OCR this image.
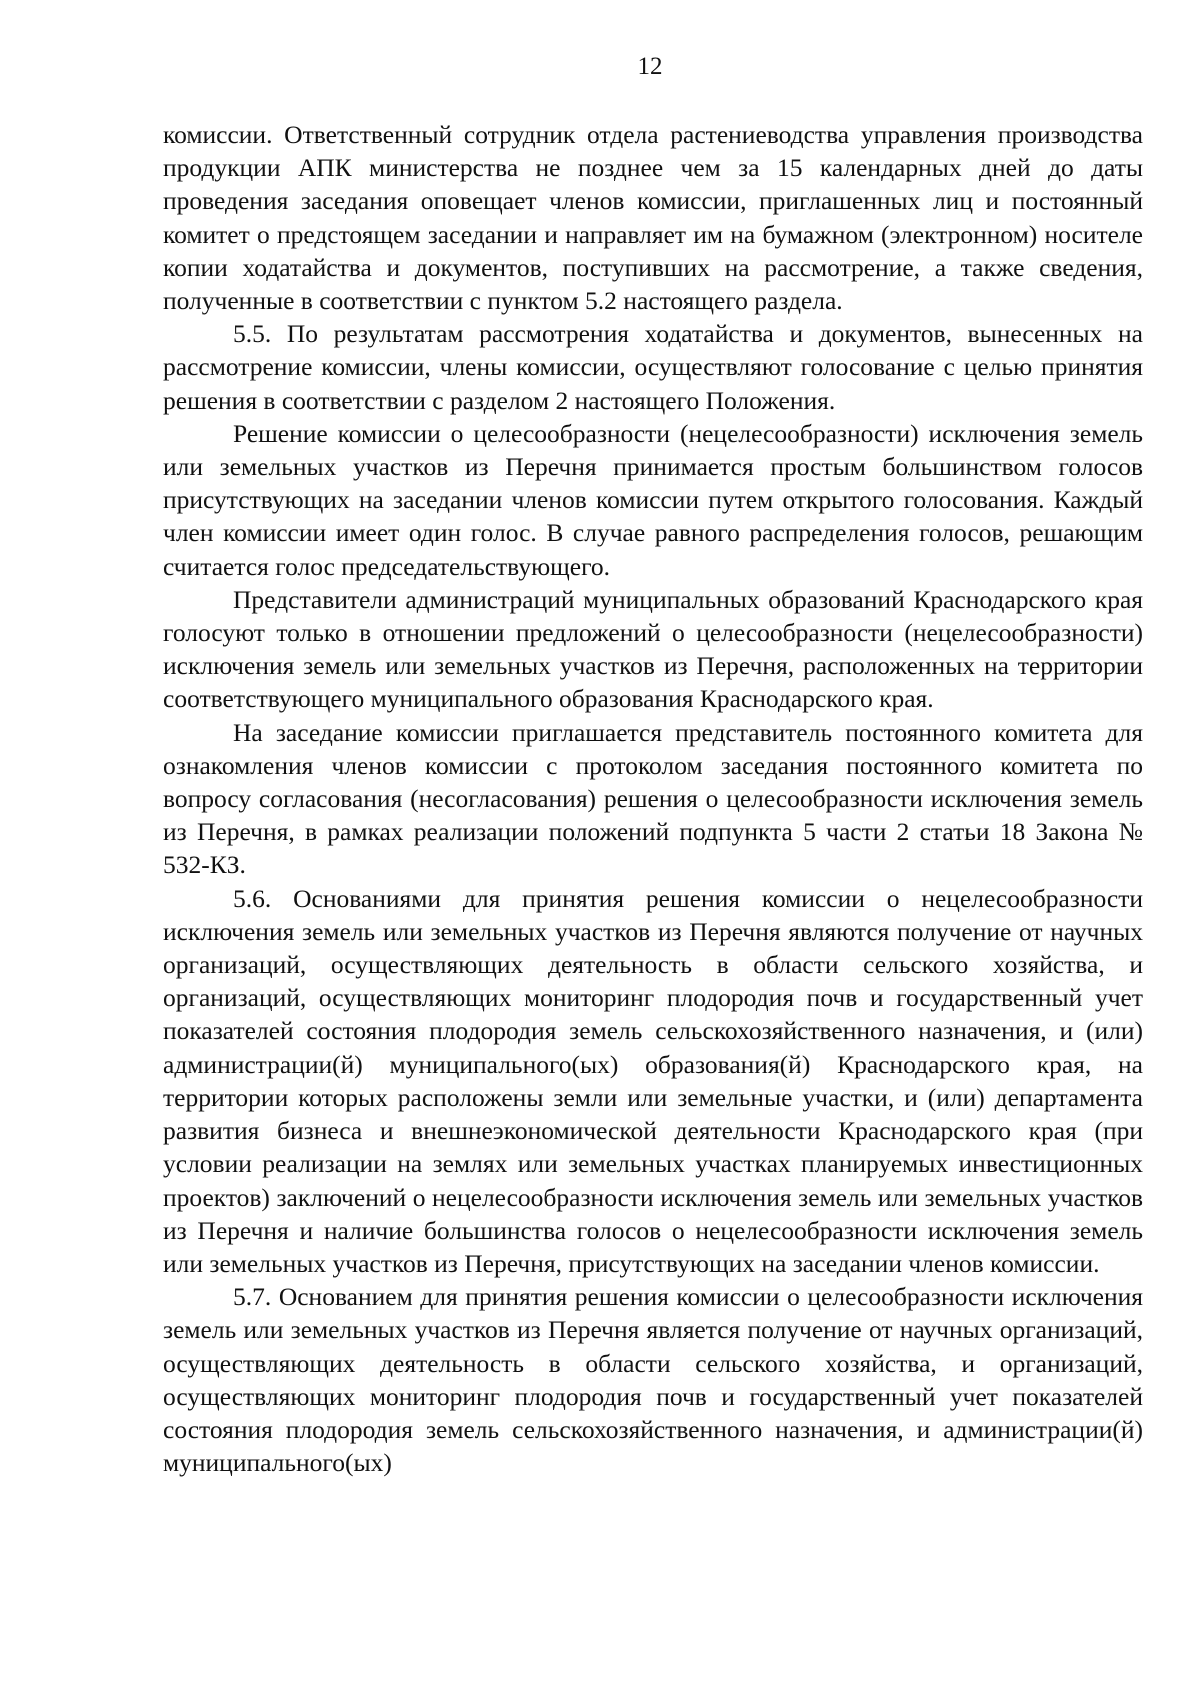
12

комиссии. Ответственный сотрудник отдела растениеводства управления производства продукции АПК министерства не позднее чем за 15 календарных дней до даты проведения заседания оповещает членов комиссии, приглашенных лиц и постоянный комитет о предстоящем заседании и направляет им на бумажном (электронном) носителе копии ходатайства и документов, поступивших на рассмотрение, а также сведения, полученные в соответствии с пунктом 5.2 настоящего раздела.

5.5. По результатам рассмотрения ходатайства и документов, вынесенных на рассмотрение комиссии, члены комиссии, осуществляют голосование с целью принятия решения в соответствии с разделом 2 настоящего Положения.

Решение комиссии о целесообразности (нецелесообразности) исключения земель или земельных участков из Перечня принимается простым большинством голосов присутствующих на заседании членов комиссии путем открытого голосования. Каждый член комиссии имеет один голос. В случае равного распределения голосов, решающим считается голос председательствующего.

Представители администраций муниципальных образований Краснодарского края голосуют только в отношении предложений о целесообразности (нецелесообразности) исключения земель или земельных участков из Перечня, расположенных на территории соответствующего муниципального образования Краснодарского края.

На заседание комиссии приглашается представитель постоянного комитета для ознакомления членов комиссии с протоколом заседания постоянного комитета по вопросу согласования (несогласования) решения о целесообразности исключения земель из Перечня, в рамках реализации положений подпункта 5 части 2 статьи 18 Закона № 532-КЗ.

5.6. Основаниями для принятия решения комиссии о нецелесообразности исключения земель или земельных участков из Перечня являются получение от научных организаций, осуществляющих деятельность в области сельского хозяйства, и организаций, осуществляющих мониторинг плодородия почв и государственный учет показателей состояния плодородия земель сельскохозяйственного назначения, и (или) администрации(й) муниципального(ых) образования(й) Краснодарского края, на территории которых расположены земли или земельные участки, и (или) департамента развития бизнеса и внешнеэкономической деятельности Краснодарского края (при условии реализации на землях или земельных участках планируемых инвестиционных проектов) заключений о нецелесообразности исключения земель или земельных участков из Перечня и наличие большинства голосов о нецелесообразности исключения земель или земельных участков из Перечня, присутствующих на заседании членов комиссии.

5.7. Основанием для принятия решения комиссии о целесообразности исключения земель или земельных участков из Перечня является получение от научных организаций, осуществляющих деятельность в области сельского хозяйства, и организаций, осуществляющих мониторинг плодородия почв и государственный учет показателей состояния плодородия земель сельскохозяйственного назначения, и администрации(й) муниципального(ых)
